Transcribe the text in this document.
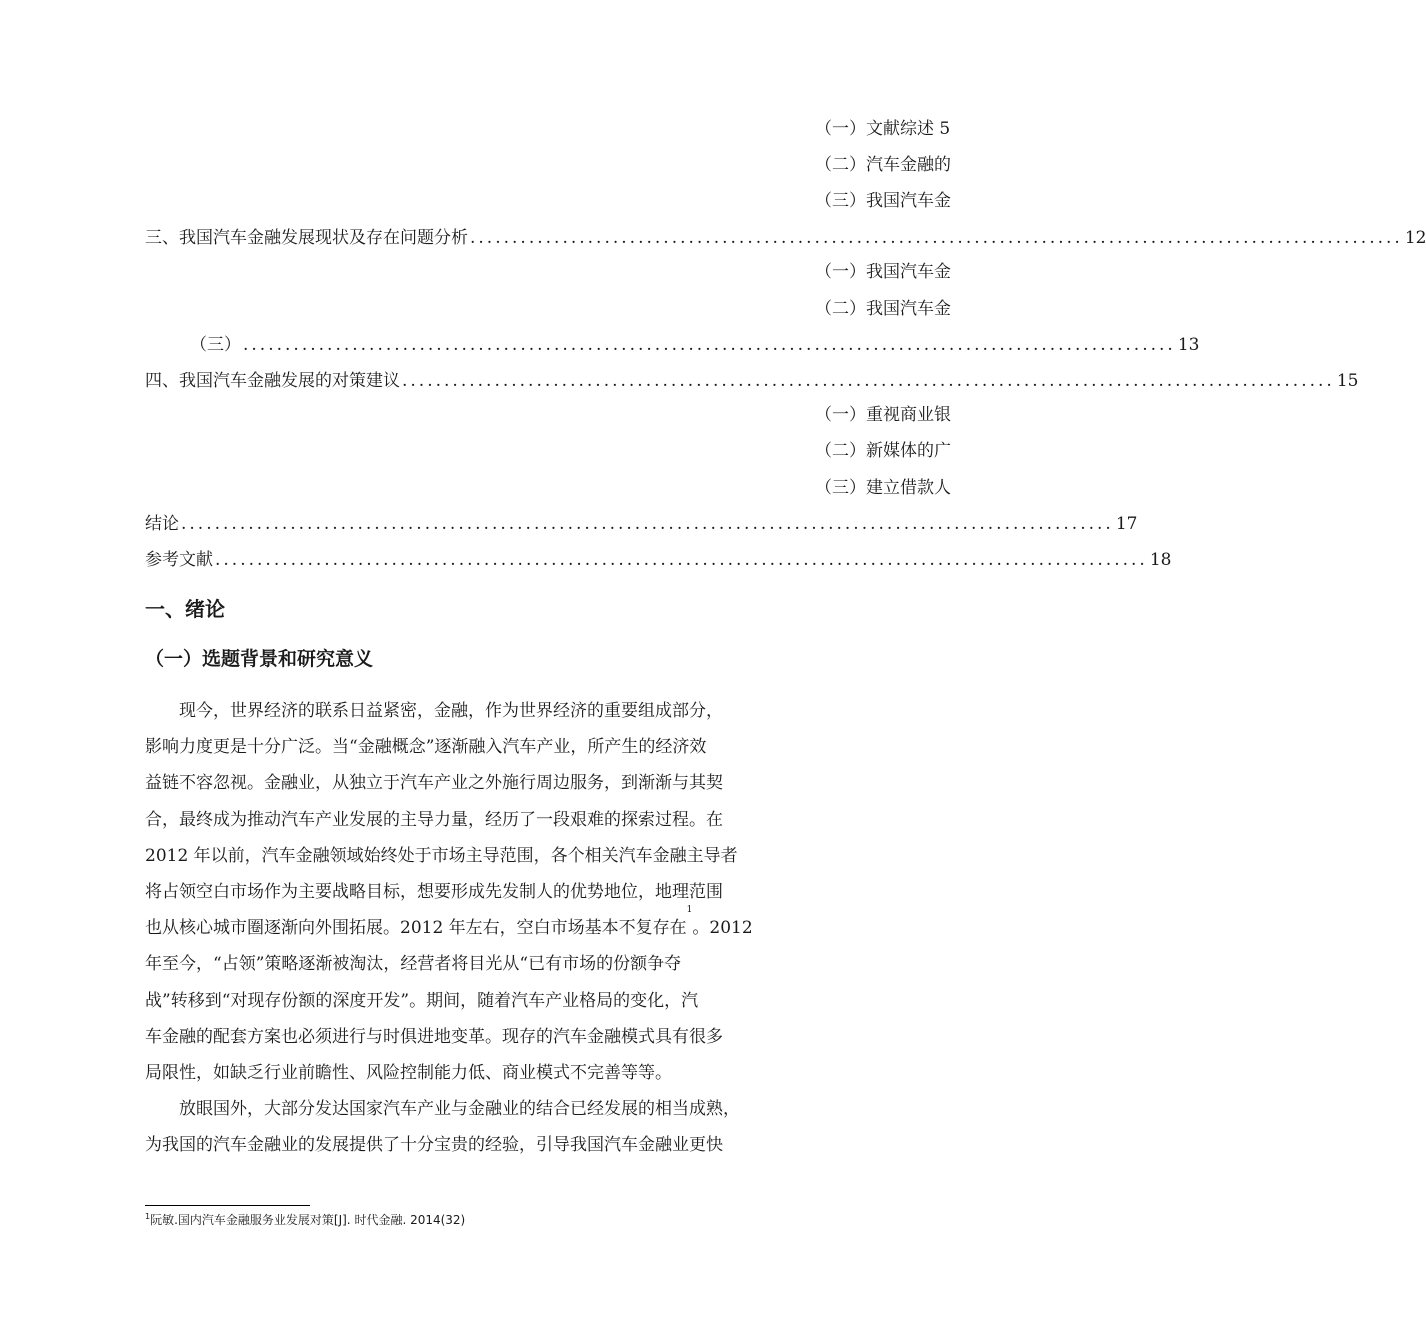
（一）文献综述 5
（二）汽车金融的
（三）我国汽车金
三、我国汽车金融发展现状及存在问题分析 ............................................................................................................... 12
（一）我国汽车金
（二）我国汽车金
（三） ............................................................................................................... 13
四、我国汽车金融发展的对策建议 ............................................................................................................... 15
（一）重视商业银
（二）新媒体的广
（三）建立借款人
结论 ............................................................................................................... 17
参考文献 ............................................................................................................... 18
一、绪论
（一）选题背景和研究意义
现今，世界经济的联系日益紧密，金融，作为世界经济的重要组成部分，
影响力度更是十分广泛。当“金融概念”逐渐融入汽车产业，所产生的经济效
益链不容忽视。金融业，从独立于汽车产业之外施行周边服务，到渐渐与其契
合，最终成为推动汽车产业发展的主导力量，经历了一段艰难的探索过程。在
2012 年以前，汽车金融领域始终处于市场主导范围，各个相关汽车金融主导者
将占领空白市场作为主要战略目标，想要形成先发制人的优势地位，地理范围
也从核心城市圈逐渐向外围拓展。2012 年左右，空白市场基本不复存在
1
。2012
年至今，“占领”策略逐渐被淘汰，经营者将目光从“已有市场的份额争夺
战”转移到“对现存份额的深度开发”。期间，随着汽车产业格局的变化，汽
车金融的配套方案也必须进行与时俱进地变革。现存的汽车金融模式具有很多
局限性，如缺乏行业前瞻性、风险控制能力低、商业模式不完善等等。
放眼国外，大部分发达国家汽车产业与金融业的结合已经发展的相当成熟，
为我国的汽车金融业的发展提供了十分宝贵的经验，引导我国汽车金融业更快
$^1$阮敏.国内汽车金融服务业发展对策[J]. 时代金融. 2014(32)
